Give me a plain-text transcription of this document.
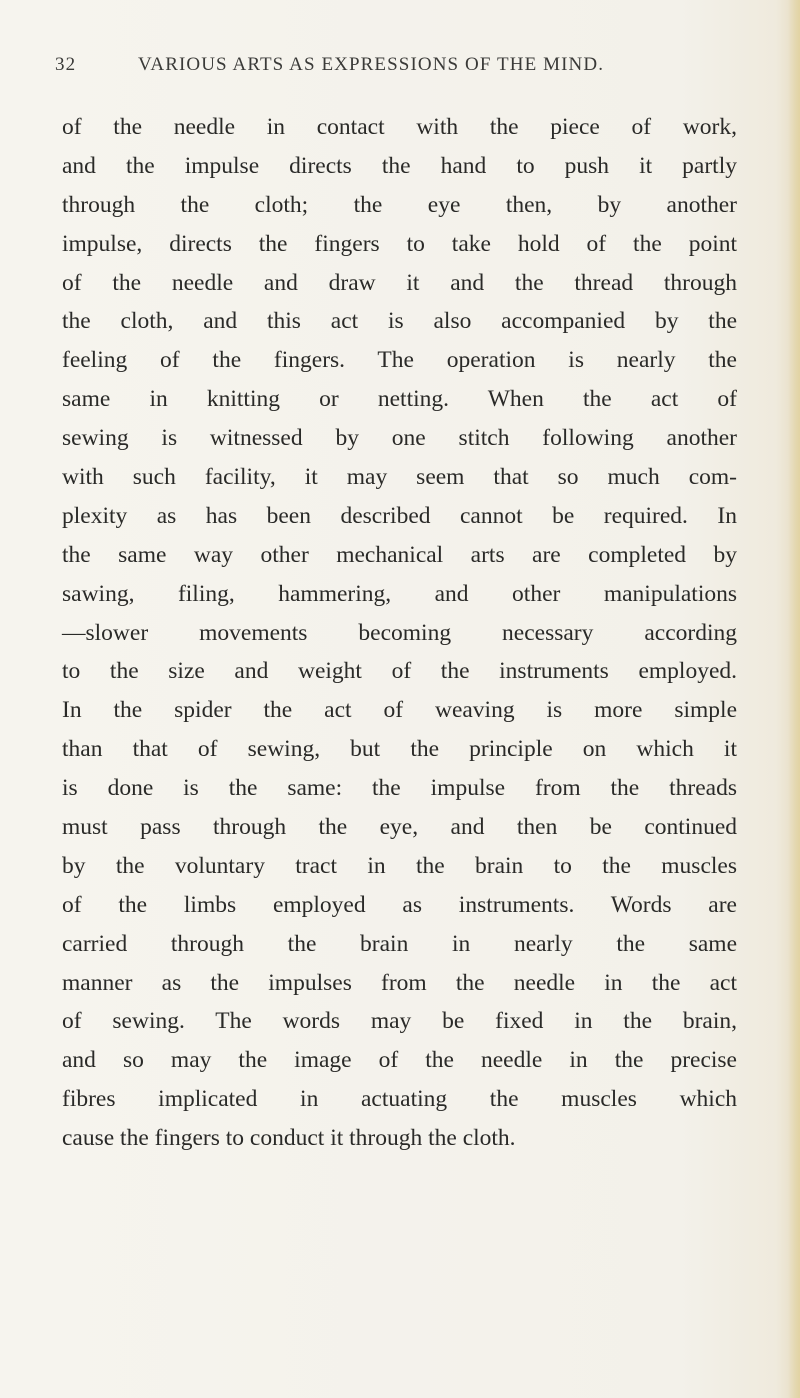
32	VARIOUS ARTS AS EXPRESSIONS OF THE MIND.
of the needle in contact with the piece of work,
and the impulse directs the hand to push it partly
through the cloth; the eye then, by another
impulse, directs the fingers to take hold of the point
of the needle and draw it and the thread through
the cloth, and this act is also accompanied by the
feeling of the fingers. The operation is nearly the
same in knitting or netting. When the act of
sewing is witnessed by one stitch following another
with such facility, it may seem that so much com-
plexity as has been described cannot be required. In
the same way other mechanical arts are completed by
sawing, filing, hammering, and other manipulations
—slower movements becoming necessary according
to the size and weight of the instruments employed.
In the spider the act of weaving is more simple
than that of sewing, but the principle on which it
is done is the same: the impulse from the threads
must pass through the eye, and then be continued
by the voluntary tract in the brain to the muscles
of the limbs employed as instruments. Words are
carried through the brain in nearly the same
manner as the impulses from the needle in the act
of sewing. The words may be fixed in the brain,
and so may the image of the needle in the precise
fibres implicated in actuating the muscles which
cause the fingers to conduct it through the cloth.
